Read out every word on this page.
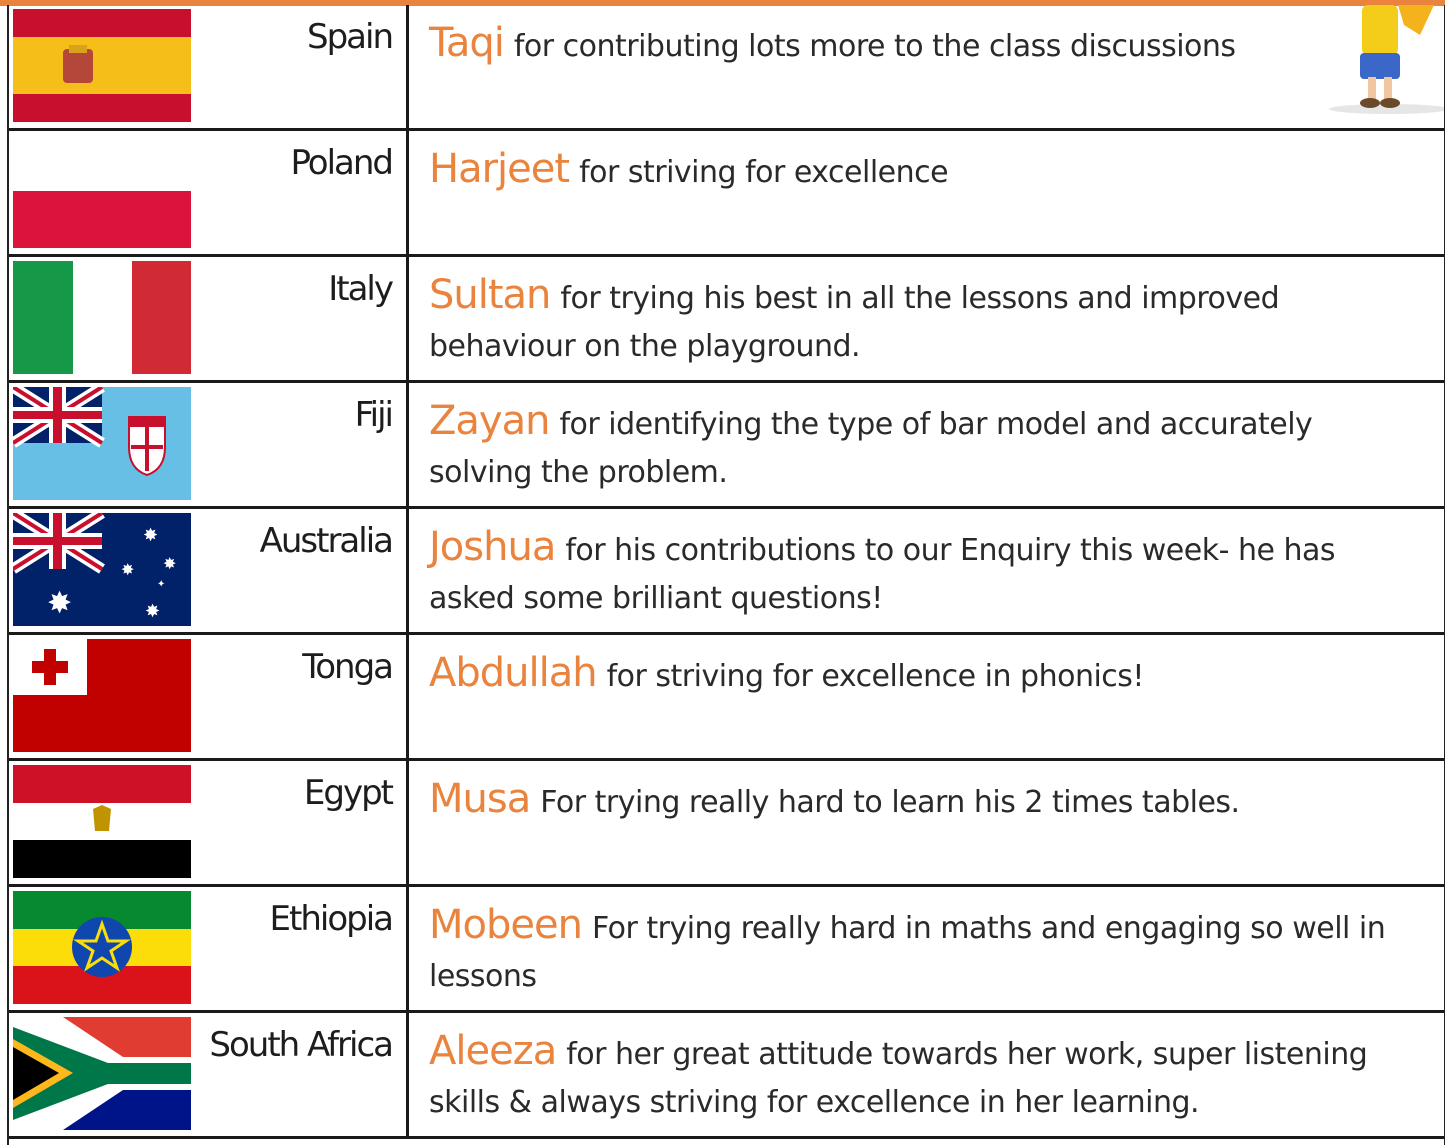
Spain Taqi for contributing lots more to the class discussions
Poland Harjeet for striving for excellence
Italy Sultan for trying his best in all the lessons and improved behaviour on the playground.
Fiji Zayan for identifying the type of bar model and accurately solving the problem.
✸
✸
✸ ✸
✸
✦
Australia Joshua for his contributions to our Enquiry this week- he has asked some brilliant questions!
Tonga Abdullah for striving for excellence in phonics!
Egypt Musa For trying really hard to learn his 2 times tables.
Ethiopia Mobeen For trying really hard in maths and engaging so well in lessons
South Africa Aleeza for her great attitude towards her work, super listening skills & always striving for excellence in her learning.
